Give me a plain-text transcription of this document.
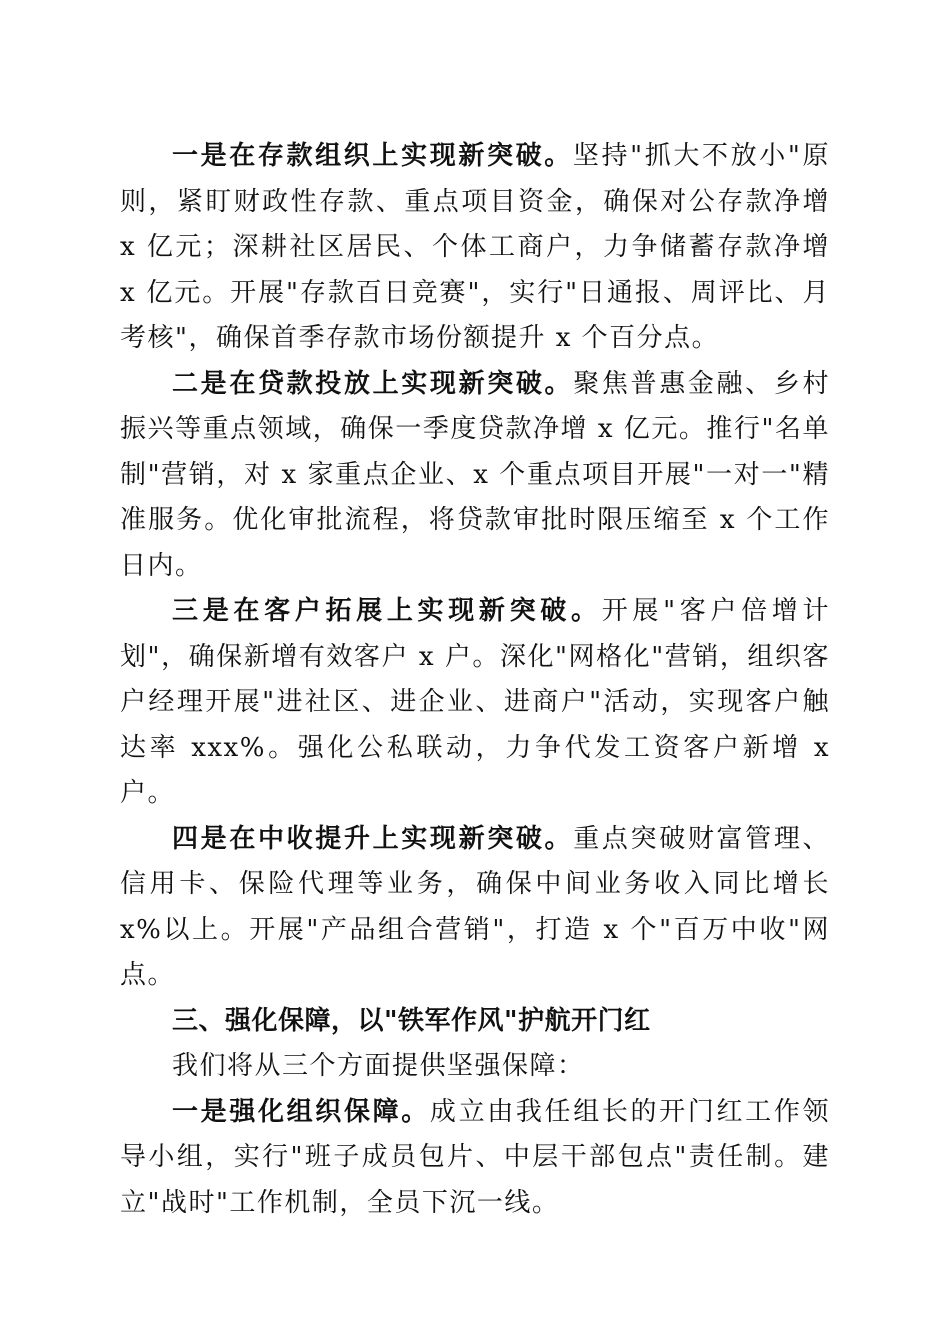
一是在存款组织上实现新突破。坚持"抓大不放小"原则，紧盯财政性存款、重点项目资金，确保对公存款净增 x 亿元；深耕社区居民、个体工商户，力争储蓄存款净增 x 亿元。开展"存款百日竞赛"，实行"日通报、周评比、月考核"，确保首季存款市场份额提升 x 个百分点。

二是在贷款投放上实现新突破。聚焦普惠金融、乡村振兴等重点领域，确保一季度贷款净增 x 亿元。推行"名单制"营销，对 x 家重点企业、x 个重点项目开展"一对一"精准服务。优化审批流程，将贷款审批时限压缩至 x 个工作日内。

三是在客户拓展上实现新突破。开展"客户倍增计划"，确保新增有效客户 x 户。深化"网格化"营销，组织客户经理开展"进社区、进企业、进商户"活动，实现客户触达率 xxx%。强化公私联动，力争代发工资客户新增 x 户。

四是在中收提升上实现新突破。重点突破财富管理、信用卡、保险代理等业务，确保中间业务收入同比增长 x%以上。开展"产品组合营销"，打造 x 个"百万中收"网点。

三、强化保障，以"铁军作风"护航开门红

我们将从三个方面提供坚强保障：

一是强化组织保障。成立由我任组长的开门红工作领导小组，实行"班子成员包片、中层干部包点"责任制。建立"战时"工作机制，全员下沉一线。
